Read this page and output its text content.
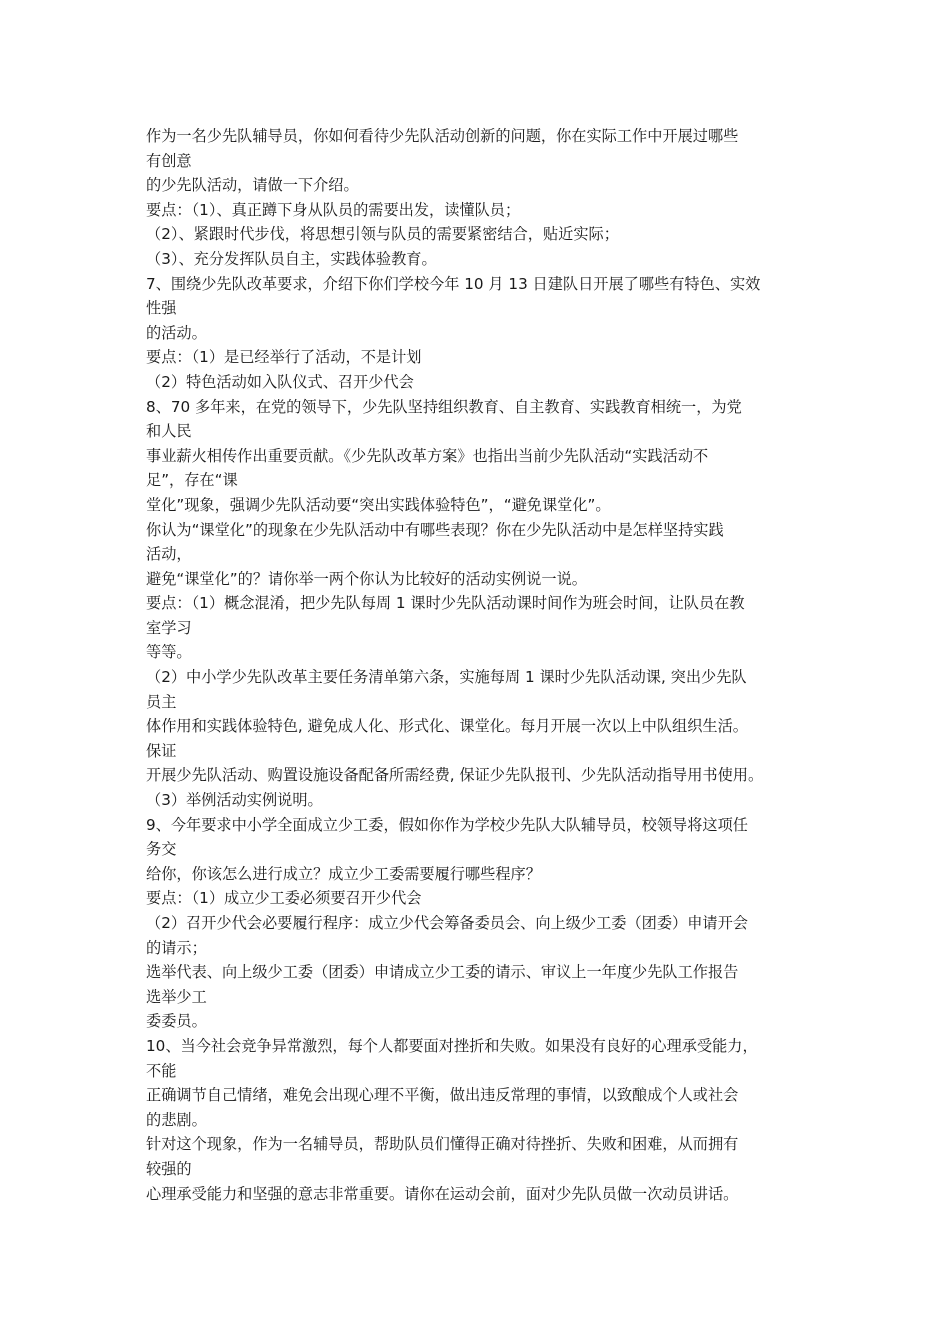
作为一名少先队辅导员，你如何看待少先队活动创新的问题，你在实际工作中开展过哪些
有创意
的少先队活动，请做一下介绍。
要点：（1）、真正蹲下身从队员的需要出发，读懂队员；
（2）、紧跟时代步伐，将思想引领与队员的需要紧密结合，贴近实际；
（3）、充分发挥队员自主，实践体验教育。
7、围绕少先队改革要求，介绍下你们学校今年 10 月 13 日建队日开展了哪些有特色、实效
性强
的活动。
要点：（1）是已经举行了活动，不是计划
（2）特色活动如入队仪式、召开少代会
8、70 多年来，在党的领导下，少先队坚持组织教育、自主教育、实践教育相统一，为党
和人民
事业薪火相传作出重要贡献。《少先队改革方案》也指出当前少先队活动“实践活动不
足”，存在“课
堂化”现象，强调少先队活动要“突出实践体验特色”，“避免课堂化”。
你认为“课堂化”的现象在少先队活动中有哪些表现？你在少先队活动中是怎样坚持实践
活动，
避免“课堂化”的？请你举一两个你认为比较好的活动实例说一说。
要点：（1）概念混淆，把少先队每周 1 课时少先队活动课时间作为班会时间，让队员在教
室学习
等等。
（2）中小学少先队改革主要任务清单第六条，实施每周 1 课时少先队活动课, 突出少先队
员主
体作用和实践体验特色, 避免成人化、形式化、课堂化。每月开展一次以上中队组织生活。
保证
开展少先队活动、购置设施设备配备所需经费, 保证少先队报刊、少先队活动指导用书使用。
（3）举例活动实例说明。
9、今年要求中小学全面成立少工委，假如你作为学校少先队大队辅导员，校领导将这项任
务交
给你，你该怎么进行成立？成立少工委需要履行哪些程序？
要点：（1）成立少工委必须要召开少代会
（2）召开少代会必要履行程序：成立少代会筹备委员会、向上级少工委（团委）申请开会
的请示；
选举代表、向上级少工委（团委）申请成立少工委的请示、审议上一年度少先队工作报告
选举少工
委委员。
10、当今社会竞争异常激烈，每个人都要面对挫折和失败。如果没有良好的心理承受能力，
不能
正确调节自己情绪，难免会出现心理不平衡，做出违反常理的事情，以致酿成个人或社会
的悲剧。
针对这个现象，作为一名辅导员，帮助队员们懂得正确对待挫折、失败和困难，从而拥有
较强的
心理承受能力和坚强的意志非常重要。请你在运动会前，面对少先队员做一次动员讲话。
